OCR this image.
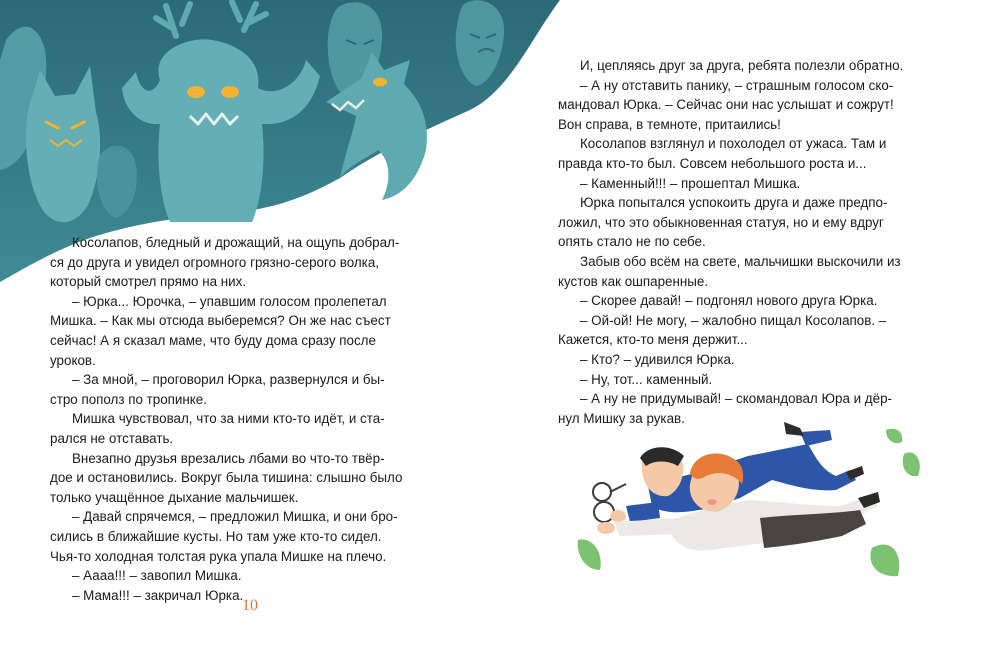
Косолапов, бледный и дрожащий, на ощупь добрал-
ся до друга и увидел огромного грязно-серого волка,
который смотрел прямо на них.

– Юрка... Юрочка, – упавшим голосом пролепетал
Мишка. – Как мы отсюда выберемся? Он же нас съест
сейчас! А я сказал маме, что буду дома сразу после
уроков.

– За мной, – проговорил Юрка, развернулся и бы-
стро пополз по тропинке.

Мишка чувствовал, что за ними кто-то идёт, и ста-
рался не отставать.

Внезапно друзья врезались лбами во что-то твёр-
дое и остановились. Вокруг была тишина: слышно было
только учащённое дыхание мальчишек.

– Давай спрячемся, – предложил Мишка, и они бро-
сились в ближайшие кусты. Но там уже кто-то сидел.
Чья-то холодная толстая рука упала Мишке на плечо.

– Аааа!!! – завопил Мишка.

– Мама!!! – закричал Юрка.

10

И, цепляясь друг за друга, ребята полезли обратно.

– А ну отставить панику, – страшным голосом ско-
мандовал Юрка. – Сейчас они нас услышат и сожрут!
Вон справа, в темноте, притаились!

Косолапов взглянул и похолодел от ужаса. Там и
правда кто-то был. Совсем небольшого роста и...

– Каменный!!! – прошептал Мишка.

Юрка попытался успокоить друга и даже предпо-
ложил, что это обыкновенная статуя, но и ему вдруг
опять стало не по себе.

Забыв обо всём на свете, мальчишки выскочили из
кустов как ошпаренные.

– Скорее давай! – подгонял нового друга Юрка.

– Ой-ой! Не могу, – жалобно пищал Косолапов. –
Кажется, кто-то меня держит...

– Кто? – удивился Юрка.

– Ну, тот... каменный.

– А ну не придумывай! – скомандовал Юра и дёр-
нул Мишку за рукав.
